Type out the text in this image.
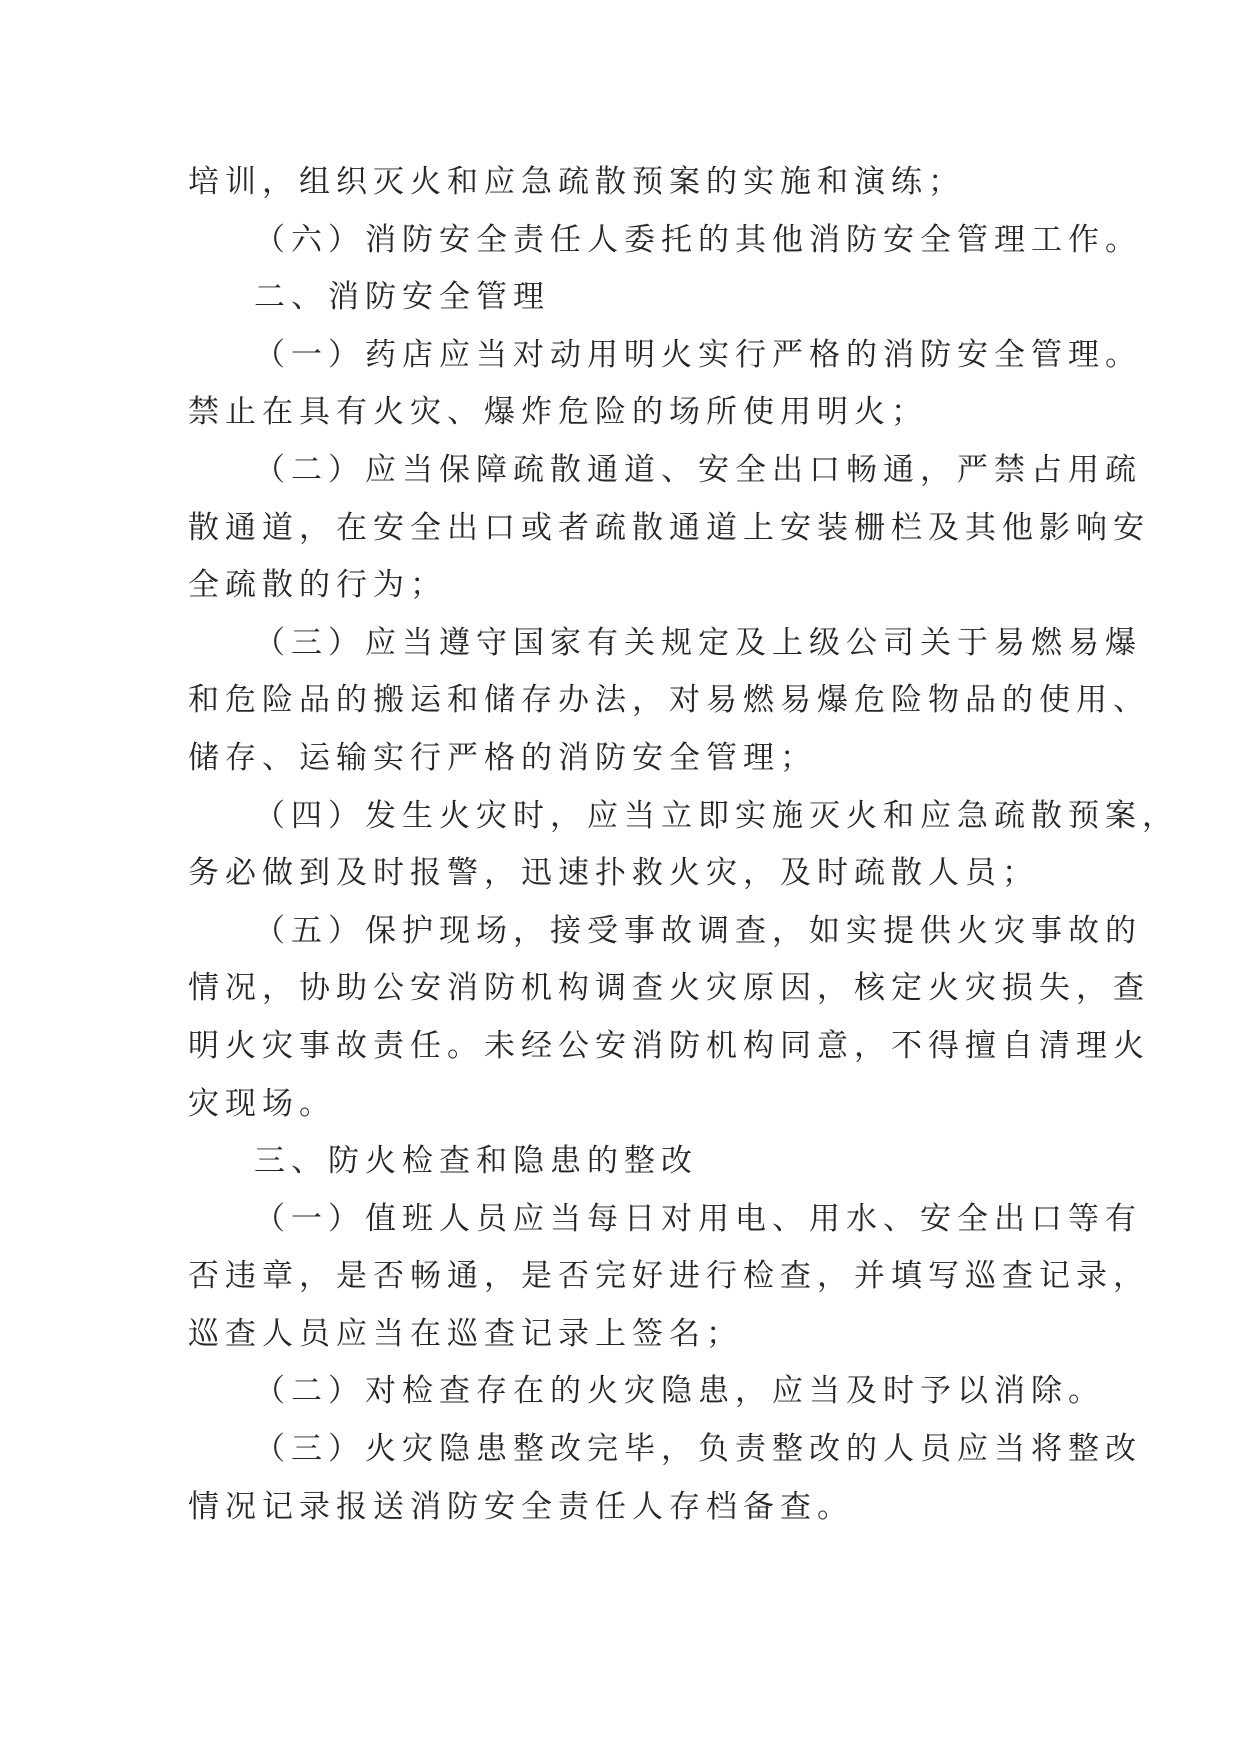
培训，组织灭火和应急疏散预案的实施和演练；
（六）消防安全责任人委托的其他消防安全管理工作。
二、消防安全管理
（一）药店应当对动用明火实行严格的消防安全管理。
禁止在具有火灾、爆炸危险的场所使用明火；
（二）应当保障疏散通道、安全出口畅通，严禁占用疏
散通道，在安全出口或者疏散通道上安装栅栏及其他影响安
全疏散的行为；
（三）应当遵守国家有关规定及上级公司关于易燃易爆
和危险品的搬运和储存办法，对易燃易爆危险物品的使用、
储存、运输实行严格的消防安全管理；
（四）发生火灾时，应当立即实施灭火和应急疏散预案，
务必做到及时报警，迅速扑救火灾，及时疏散人员；
（五）保护现场，接受事故调查，如实提供火灾事故的
情况，协助公安消防机构调查火灾原因，核定火灾损失，查
明火灾事故责任。未经公安消防机构同意，不得擅自清理火
灾现场。
三、防火检查和隐患的整改
（一）值班人员应当每日对用电、用水、安全出口等有
否违章，是否畅通，是否完好进行检查，并填写巡查记录，
巡查人员应当在巡查记录上签名；
（二）对检查存在的火灾隐患，应当及时予以消除。
（三）火灾隐患整改完毕，负责整改的人员应当将整改
情况记录报送消防安全责任人存档备查。
